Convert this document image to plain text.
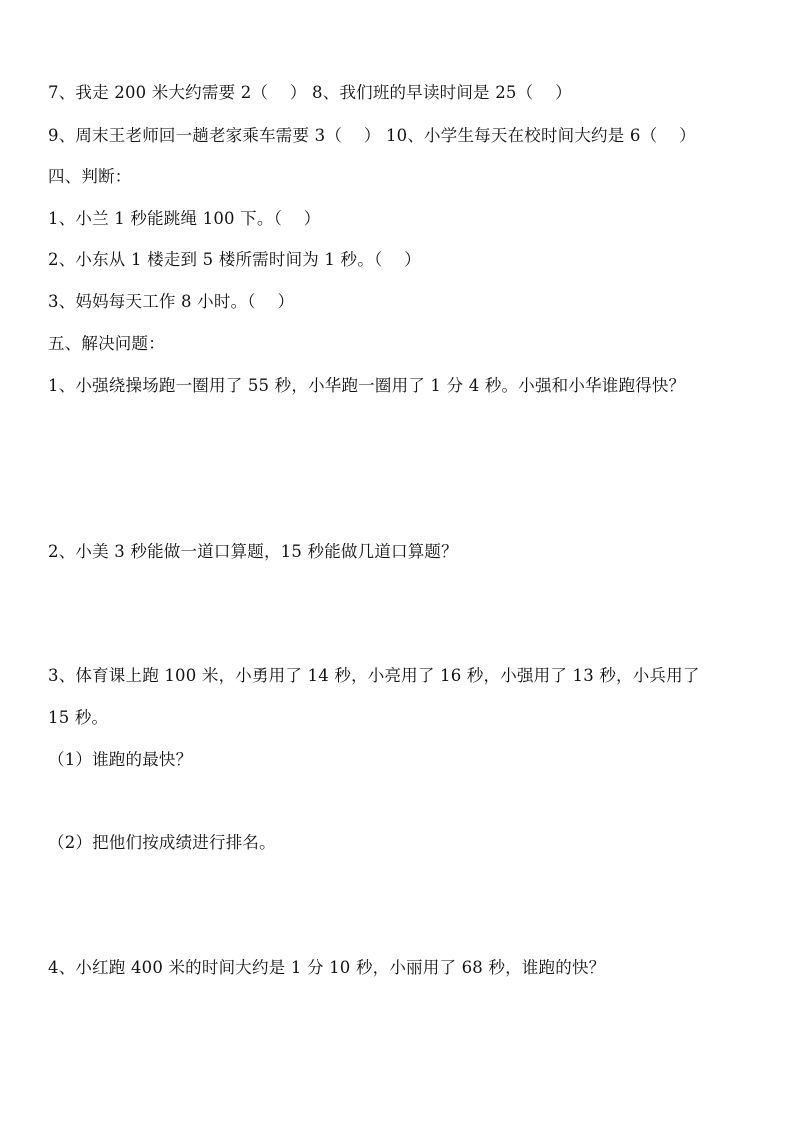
7、我走 200 米大约需要 2（    ） 8、我们班的早读时间是 25（    ）
9、周末王老师回一趟老家乘车需要 3（    ） 10、小学生每天在校时间大约是 6（    ）
四、判断：
1、小兰 1 秒能跳绳 100 下。（    ）
2、小东从 1 楼走到 5 楼所需时间为 1 秒。（    ）
3、妈妈每天工作 8 小时。（    ）
五、解决问题：
1、小强绕操场跑一圈用了 55 秒，小华跑一圈用了 1 分 4 秒。小强和小华谁跑得快？
2、小美 3 秒能做一道口算题，15 秒能做几道口算题？
3、体育课上跑 100 米，小勇用了 14 秒，小亮用了 16 秒，小强用了 13 秒，小兵用了
15 秒。
（1）谁跑的最快？
（2）把他们按成绩进行排名。
4、小红跑 400 米的时间大约是 1 分 10 秒，小丽用了 68 秒，谁跑的快？
